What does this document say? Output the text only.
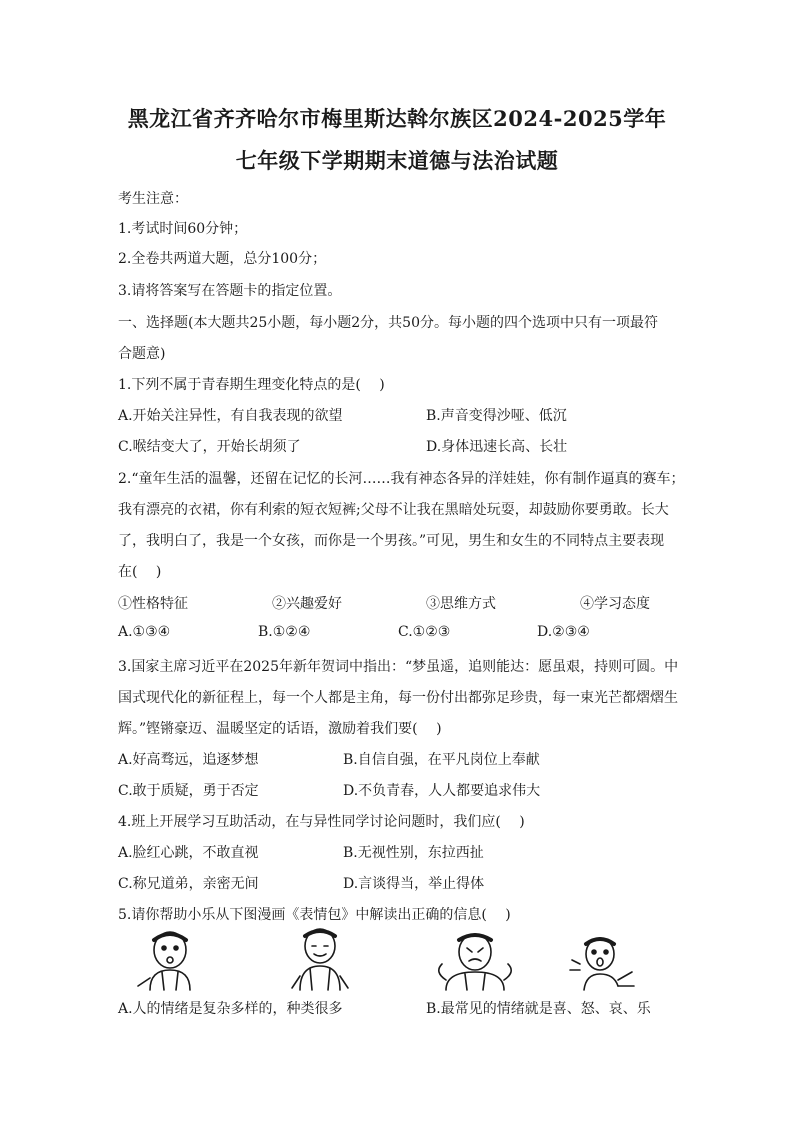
黑龙江省齐齐哈尔市梅里斯达斡尔族区2024-2025学年
七年级下学期期末道德与法治试题
考生注意：
1.考试时间60分钟；
2.全卷共两道大题，总分100分；
3.请将答案写在答题卡的指定位置。
一、选择题(本大题共25小题，每小题2分，共50分。每小题的四个选项中只有一项最符
合题意)
1.下列不属于青春期生理变化特点的是(　 )
A.开始关注异性，有自我表现的欲望	B.声音变得沙哑、低沉
C.喉结变大了，开始长胡须了	D.身体迅速长高、长壮
2.“童年生活的温馨，还留在记忆的长河……我有神态各异的洋娃娃，你有制作逼真的赛车；
我有漂亮的衣裙，你有利索的短衣短裤;父母不让我在黑暗处玩耍，却鼓励你要勇敢。长大
了，我明白了，我是一个女孩，而你是一个男孩。”可见，男生和女生的不同特点主要表现
在(　 )
①性格特征	②兴趣爱好	③思维方式	④学习态度
A.①③④	B.①②④	C.①②③	D.②③④
3.国家主席习近平在2025年新年贺词中指出：“梦虽遥，追则能达：愿虽艰，持则可圆。中
国式现代化的新征程上，每一个人都是主角，每一份付出都弥足珍贵，每一束光芒都熠熠生
辉。”铿锵豪迈、温暖坚定的话语，激励着我们要(　 )
A.好高骛远，追逐梦想	B.自信自强，在平凡岗位上奉献
C.敢于质疑，勇于否定	D.不负青春，人人都要追求伟大
4.班上开展学习互助活动，在与异性同学讨论问题时，我们应(　 )
A.脸红心跳，不敢直视	B.无视性别，东拉西扯
C.称兄道弟，亲密无间	D.言谈得当，举止得体
5.请你帮助小乐从下图漫画《表情包》中解读出正确的信息(　 )
A.人的情绪是复杂多样的，种类很多	B.最常见的情绪就是喜、怒、哀、乐
